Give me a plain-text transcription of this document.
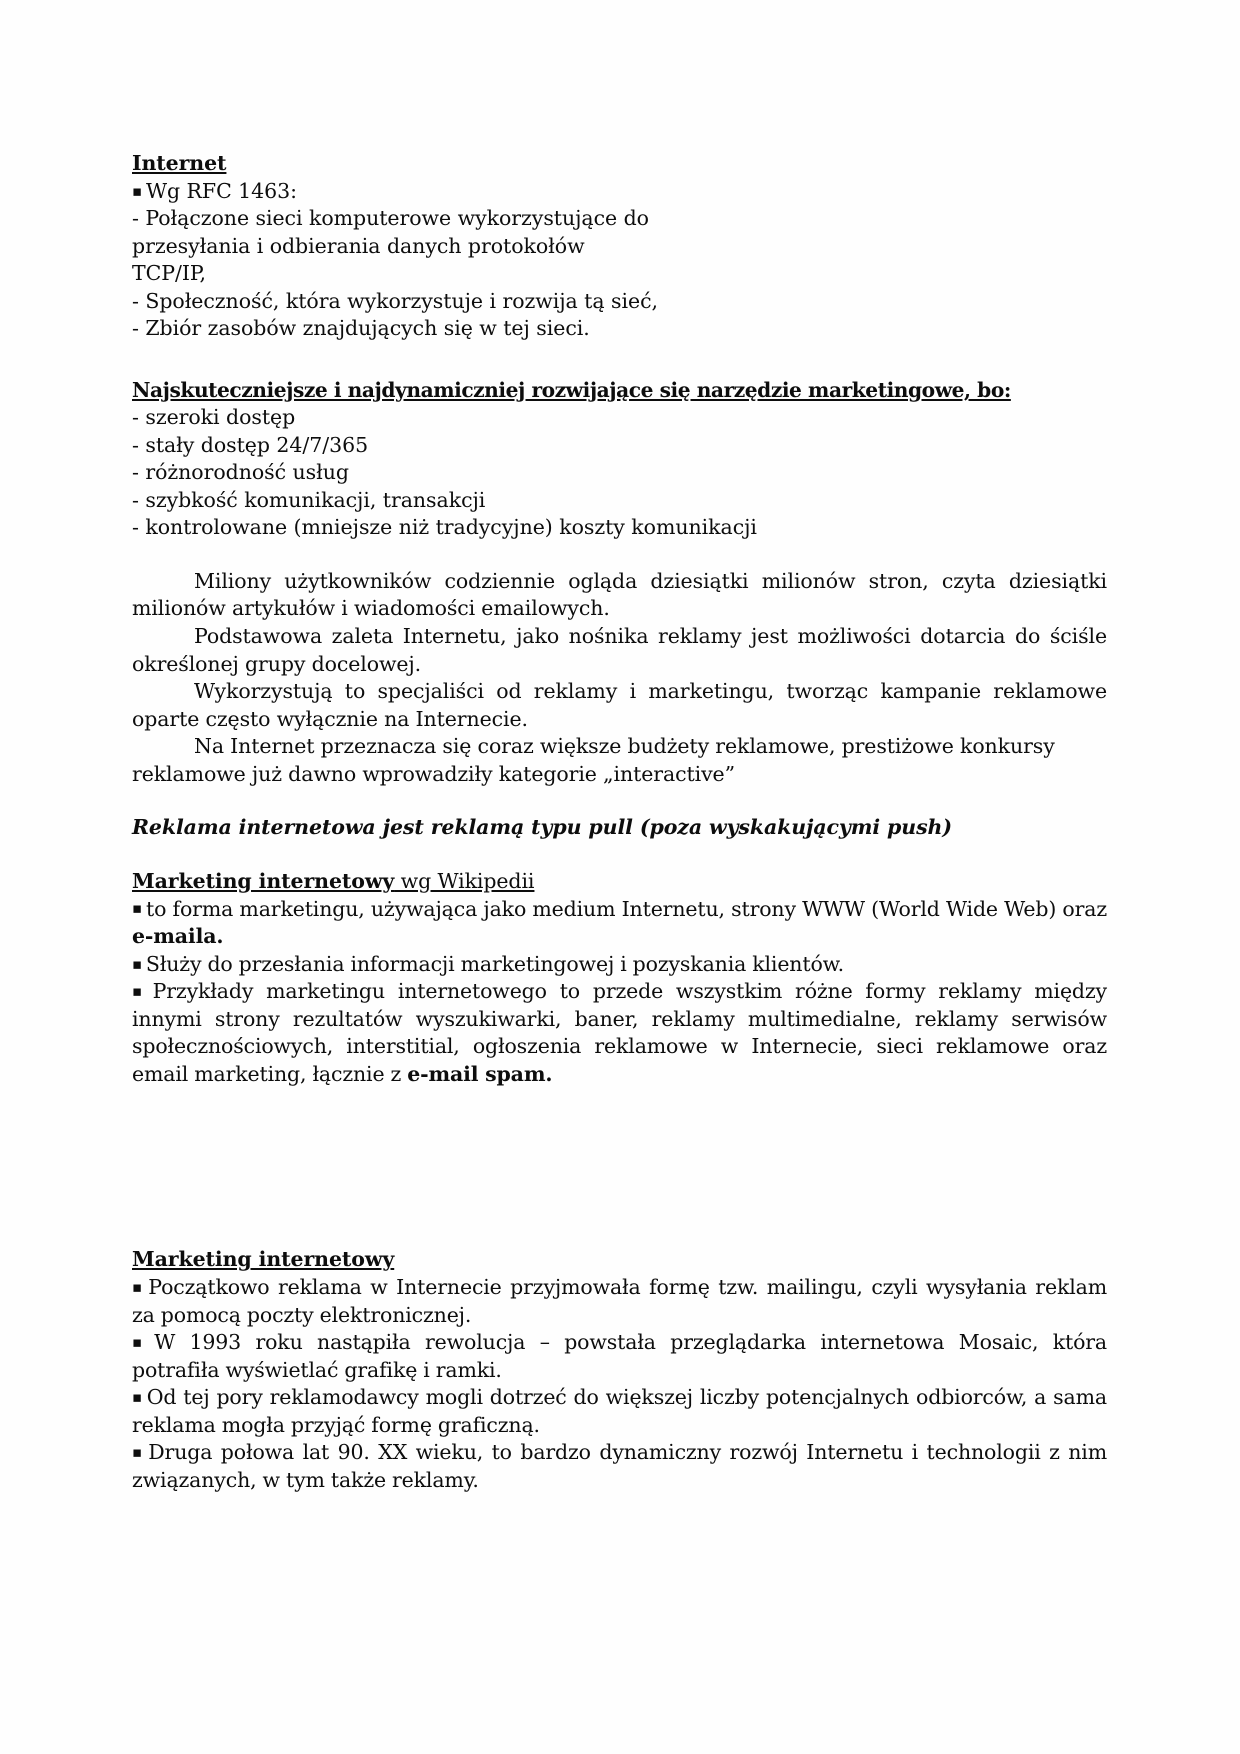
Internet
▪ Wg RFC 1463:
- Połączone sieci komputerowe wykorzystujące do
przesyłania i odbierania danych protokołów
TCP/IP,
- Społeczność, która wykorzystuje i rozwija tą sieć,
- Zbiór zasobów znajdujących się w tej sieci.
Najskuteczniejsze i najdynamiczniej rozwijające się narzędzie marketingowe, bo:
- szeroki dostęp
- stały dostęp 24/7/365
- różnorodność usług
- szybkość komunikacji, transakcji
- kontrolowane (mniejsze niż tradycyjne) koszty komunikacji
Miliony użytkowników codziennie ogląda dziesiątki milionów stron, czyta dziesiątki milionów artykułów i wiadomości emailowych.
Podstawowa zaleta Internetu, jako nośnika reklamy jest możliwości dotarcia do ściśle określonej grupy docelowej.
Wykorzystują to specjaliści od reklamy i marketingu, tworząc kampanie reklamowe oparte często wyłącznie na Internecie.
Na Internet przeznacza się coraz większe budżety reklamowe, prestiżowe konkursy reklamowe już dawno wprowadziły kategorie „interactive”
Reklama internetowa jest reklamą typu pull (poza wyskakującymi push)
Marketing internetowy wg Wikipedii
▪ to forma marketingu, używająca jako medium Internetu, strony WWW (World Wide Web) oraz e-maila.
▪ Służy do przesłania informacji marketingowej i pozyskania klientów.
▪ Przykłady marketingu internetowego to przede wszystkim różne formy reklamy między innymi strony rezultatów wyszukiwarki, baner, reklamy multimedialne, reklamy serwisów społecznościowych, interstitial, ogłoszenia reklamowe w Internecie, sieci reklamowe oraz email marketing, łącznie z e-mail spam.
Marketing internetowy
▪ Początkowo reklama w Internecie przyjmowała formę tzw. mailingu, czyli wysyłania reklam za pomocą poczty elektronicznej.
▪ W 1993 roku nastąpiła rewolucja – powstała przeglądarka internetowa Mosaic, która potrafiła wyświetlać grafikę i ramki.
▪ Od tej pory reklamodawcy mogli dotrzeć do większej liczby potencjalnych odbiorców, a sama reklama mogła przyjąć formę graficzną.
▪ Druga połowa lat 90. XX wieku, to bardzo dynamiczny rozwój Internetu i technologii z nim związanych, w tym także reklamy.
